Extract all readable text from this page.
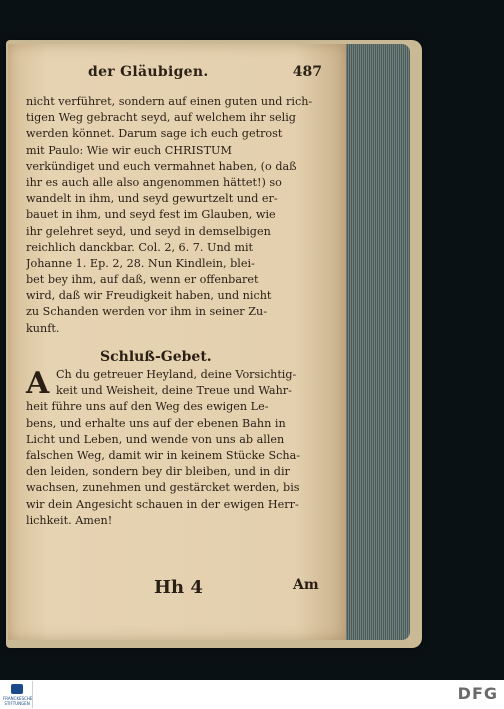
der Gläubigen.	487
nicht verführet, sondern auf einen guten und rich-
tigen Weg gebracht seyd, auf welchem ihr selig
werden könnet. Darum sage ich euch getrost
mit Paulo: Wie wir euch CHRISTUM
verkündiget und euch vermahnet haben, (o daß
ihr es auch alle also angenommen hättet!) so
wandelt in ihm, und seyd gewurtzelt und er-
bauet in ihm, und seyd fest im Glauben, wie
ihr gelehret seyd, und seyd in demselbigen
reichlich danckbar. Col. 2, 6. 7. Und mit
Johanne 1. Ep. 2, 28. Nun Kindlein, blei-
bet bey ihm, auf daß, wenn er offenbaret
wird, daß wir Freudigkeit haben, und nicht
zu Schanden werden vor ihm in seiner Zu-
kunft.
Schluß-Gebet.
A Ch du getreuer Heyland, deine Vorsichtig-
keit und Weisheit, deine Treue und Wahr-
heit führe uns auf den Weg des ewigen Le-
bens, und erhalte uns auf der ebenen Bahn in
Licht und Leben, und wende von uns ab allen
falschen Weg, damit wir in keinem Stücke Scha-
den leiden, sondern bey dir bleiben, und in dir
wachsen, zunehmen und gestärcket werden, bis
wir dein Angesicht schauen in der ewigen Herr-
lichkeit. Amen!
Hh 4	Am
FRANCKESCHE STIFTUNGEN	DFG
